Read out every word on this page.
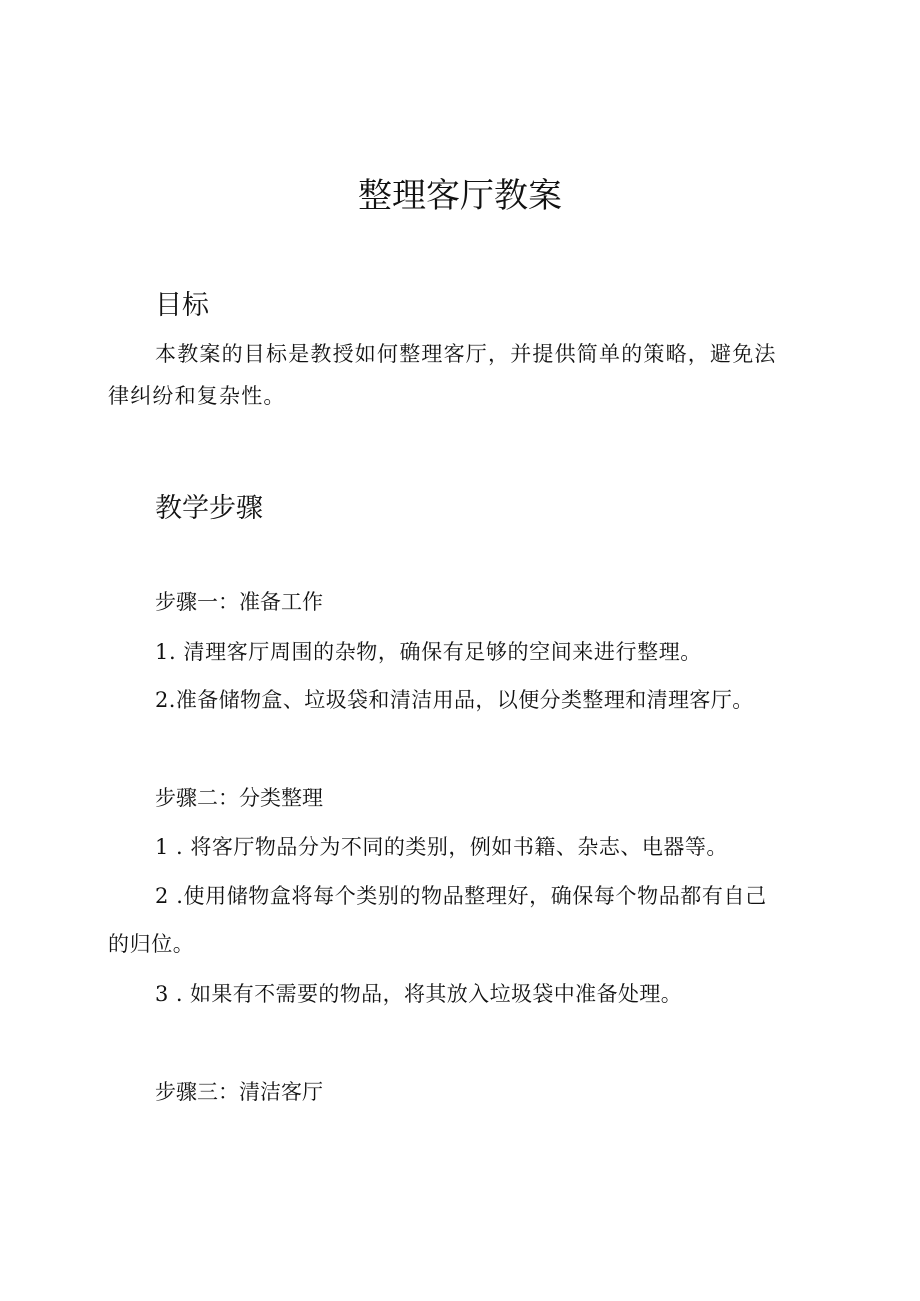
整理客厅教案
目标

本教案的目标是教授如何整理客厅，并提供简单的策略，避免法

律纠纷和复杂性。

教学步骤
步骤一：准备工作

1. 清理客厅周围的杂物，确保有足够的空间来进行整理。

2.准备储物盒、垃圾袋和清洁用品，以便分类整理和清理客厅。

步骤二：分类整理

1 . 将客厅物品分为不同的类别，例如书籍、杂志、电器等。

2 .使用储物盒将每个类别的物品整理好，确保每个物品都有自己

的归位。

3 . 如果有不需要的物品，将其放入垃圾袋中准备处理。

步骤三：清洁客厅
